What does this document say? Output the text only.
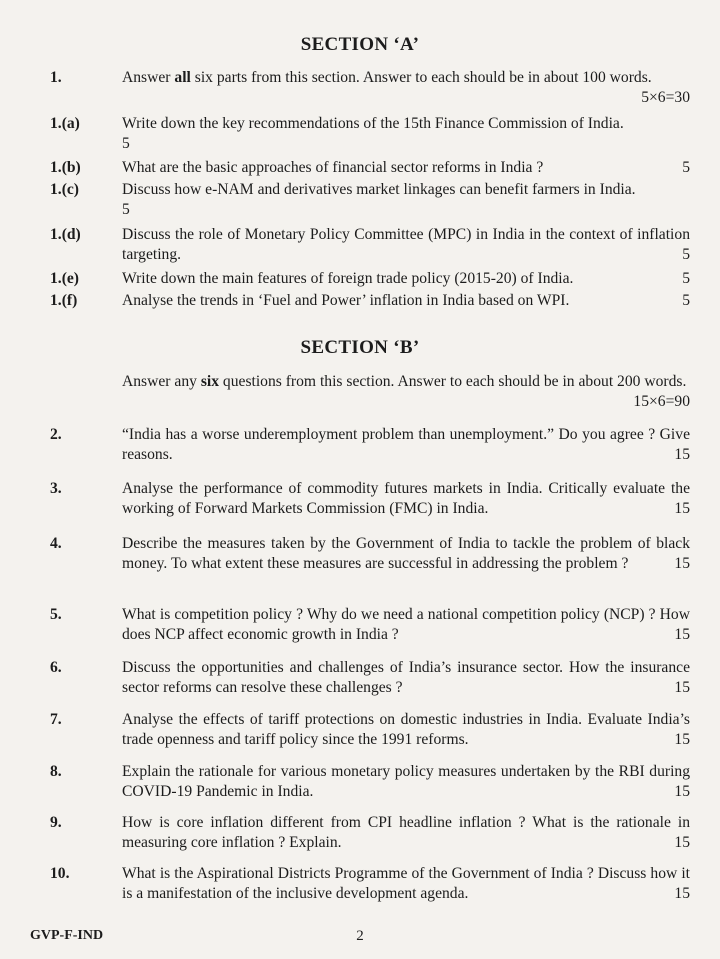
SECTION ‘A’
1.	Answer all six parts from this section. Answer to each should be in about 100 words.
5×6=30
1.(a)	Write down the key recommendations of the 15th Finance Commission of India.
5
1.(b)	What are the basic approaches of financial sector reforms in India ?	5
1.(c)	Discuss how e-NAM and derivatives market linkages can benefit farmers in India.
5
1.(d)	Discuss the role of Monetary Policy Committee (MPC) in India in the context of inflation targeting.	5
1.(e)	Write down the main features of foreign trade policy (2015-20) of India.	5
1.(f)	Analyse the trends in ‘Fuel and Power’ inflation in India based on WPI.	5
SECTION ‘B’
Answer any six questions from this section. Answer to each should be in about 200 words.
15×6=90
2.	“India has a worse underemployment problem than unemployment.” Do you agree ? Give reasons.	15
3.	Analyse the performance of commodity futures markets in India. Critically evaluate the working of Forward Markets Commission (FMC) in India.	15
4.	Describe the measures taken by the Government of India to tackle the problem of black money. To what extent these measures are successful in addressing the problem ?	15
5.	What is competition policy ? Why do we need a national competition policy (NCP) ? How does NCP affect economic growth in India ?	15
6.	Discuss the opportunities and challenges of India’s insurance sector. How the insurance sector reforms can resolve these challenges ?	15
7.	Analyse the effects of tariff protections on domestic industries in India. Evaluate India’s trade openness and tariff policy since the 1991 reforms.	15
8.	Explain the rationale for various monetary policy measures undertaken by the RBI during COVID-19 Pandemic in India.	15
9.	How is core inflation different from CPI headline inflation ? What is the rationale in measuring core inflation ? Explain.	15
10.	What is the Aspirational Districts Programme of the Government of India ? Discuss how it is a manifestation of the inclusive development agenda.	15
GVP-F-IND	2
